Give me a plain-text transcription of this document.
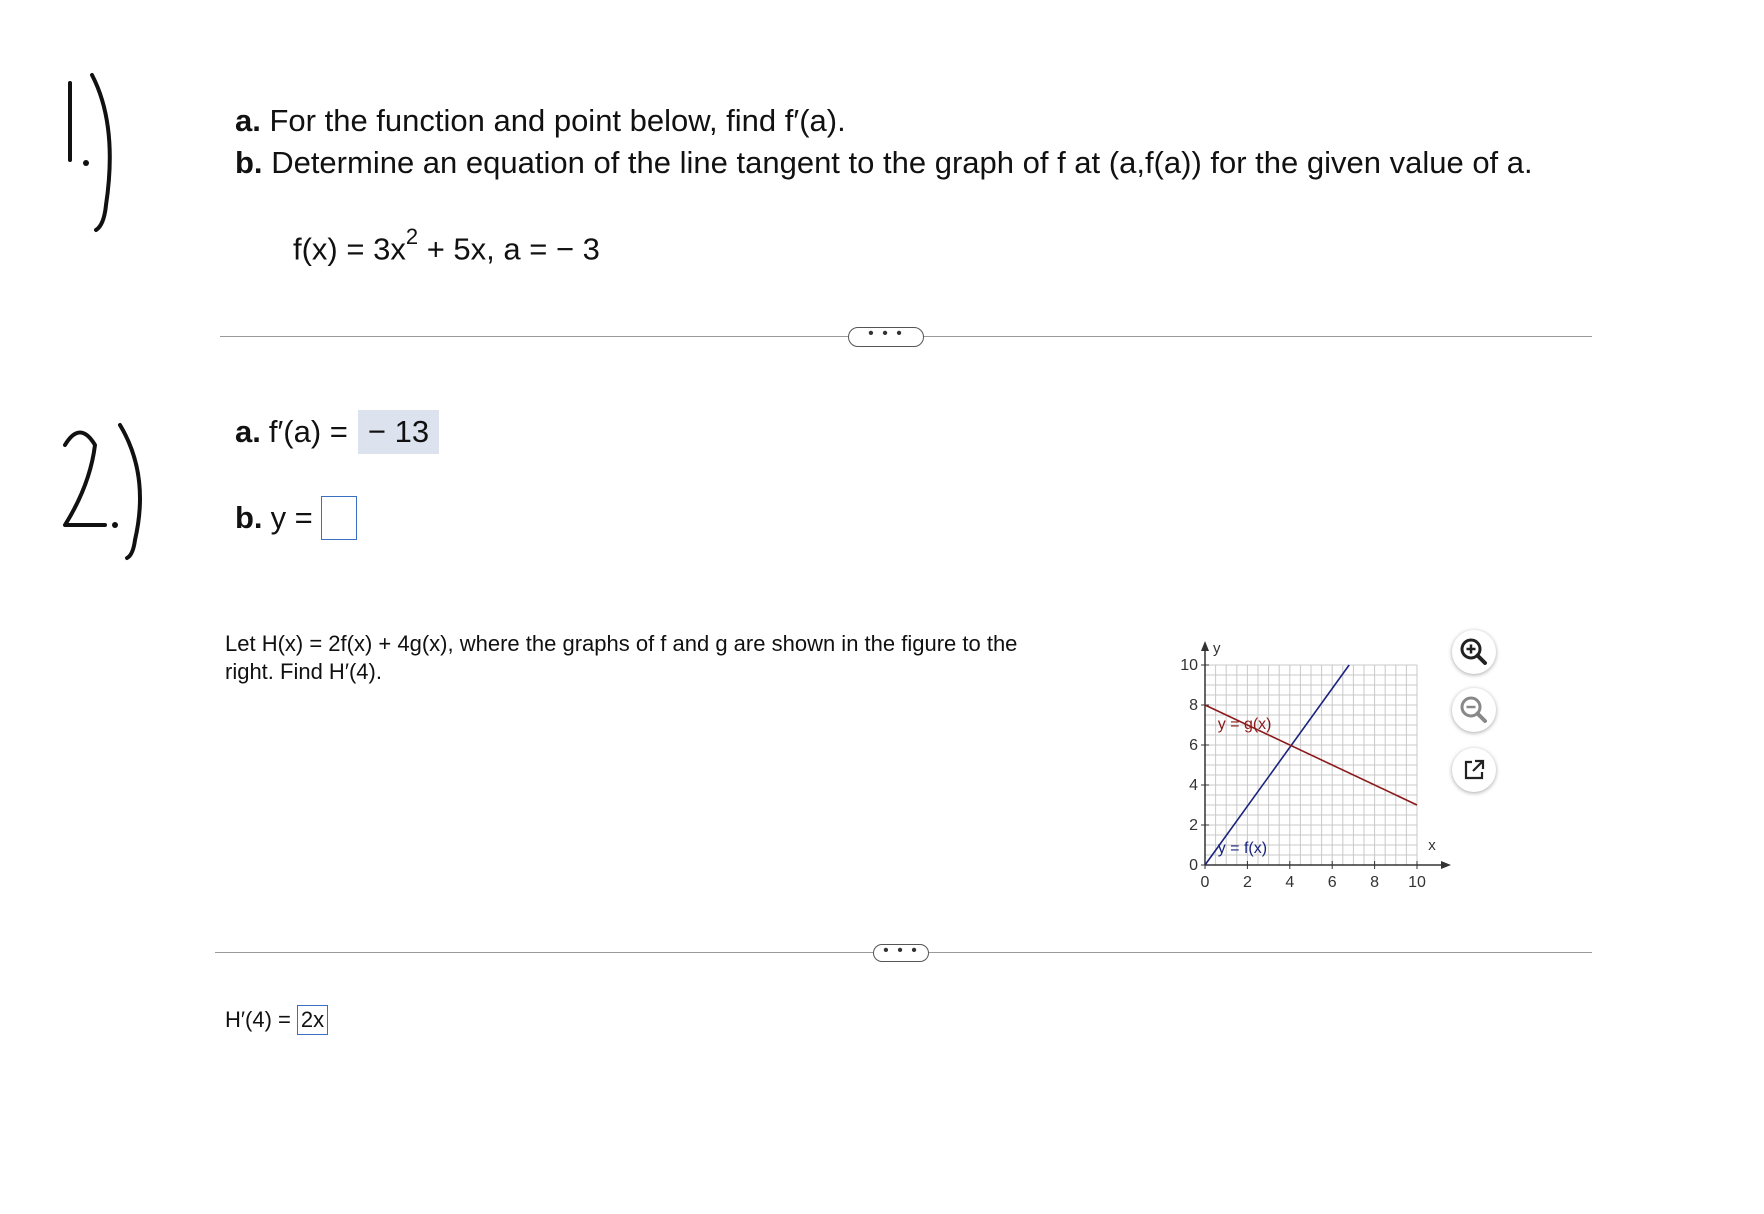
a. For the function and point below, find f′(a).
b. Determine an equation of the line tangent to the graph of f at (a,f(a)) for the given value of a.
$f(x) = 3x^2 + 5x$, a = − 3
• • •
a. f′(a) = − 13
b. y =
Let H(x) = 2f(x) + 4g(x), where the graphs of f and g are shown in the figure to the right. Find H′(4).
0 2 4 6 8 10
0
2
4
6
8
10
x
y
y = f(x)
y = g(x)
• • •
H′(4) = 2x
